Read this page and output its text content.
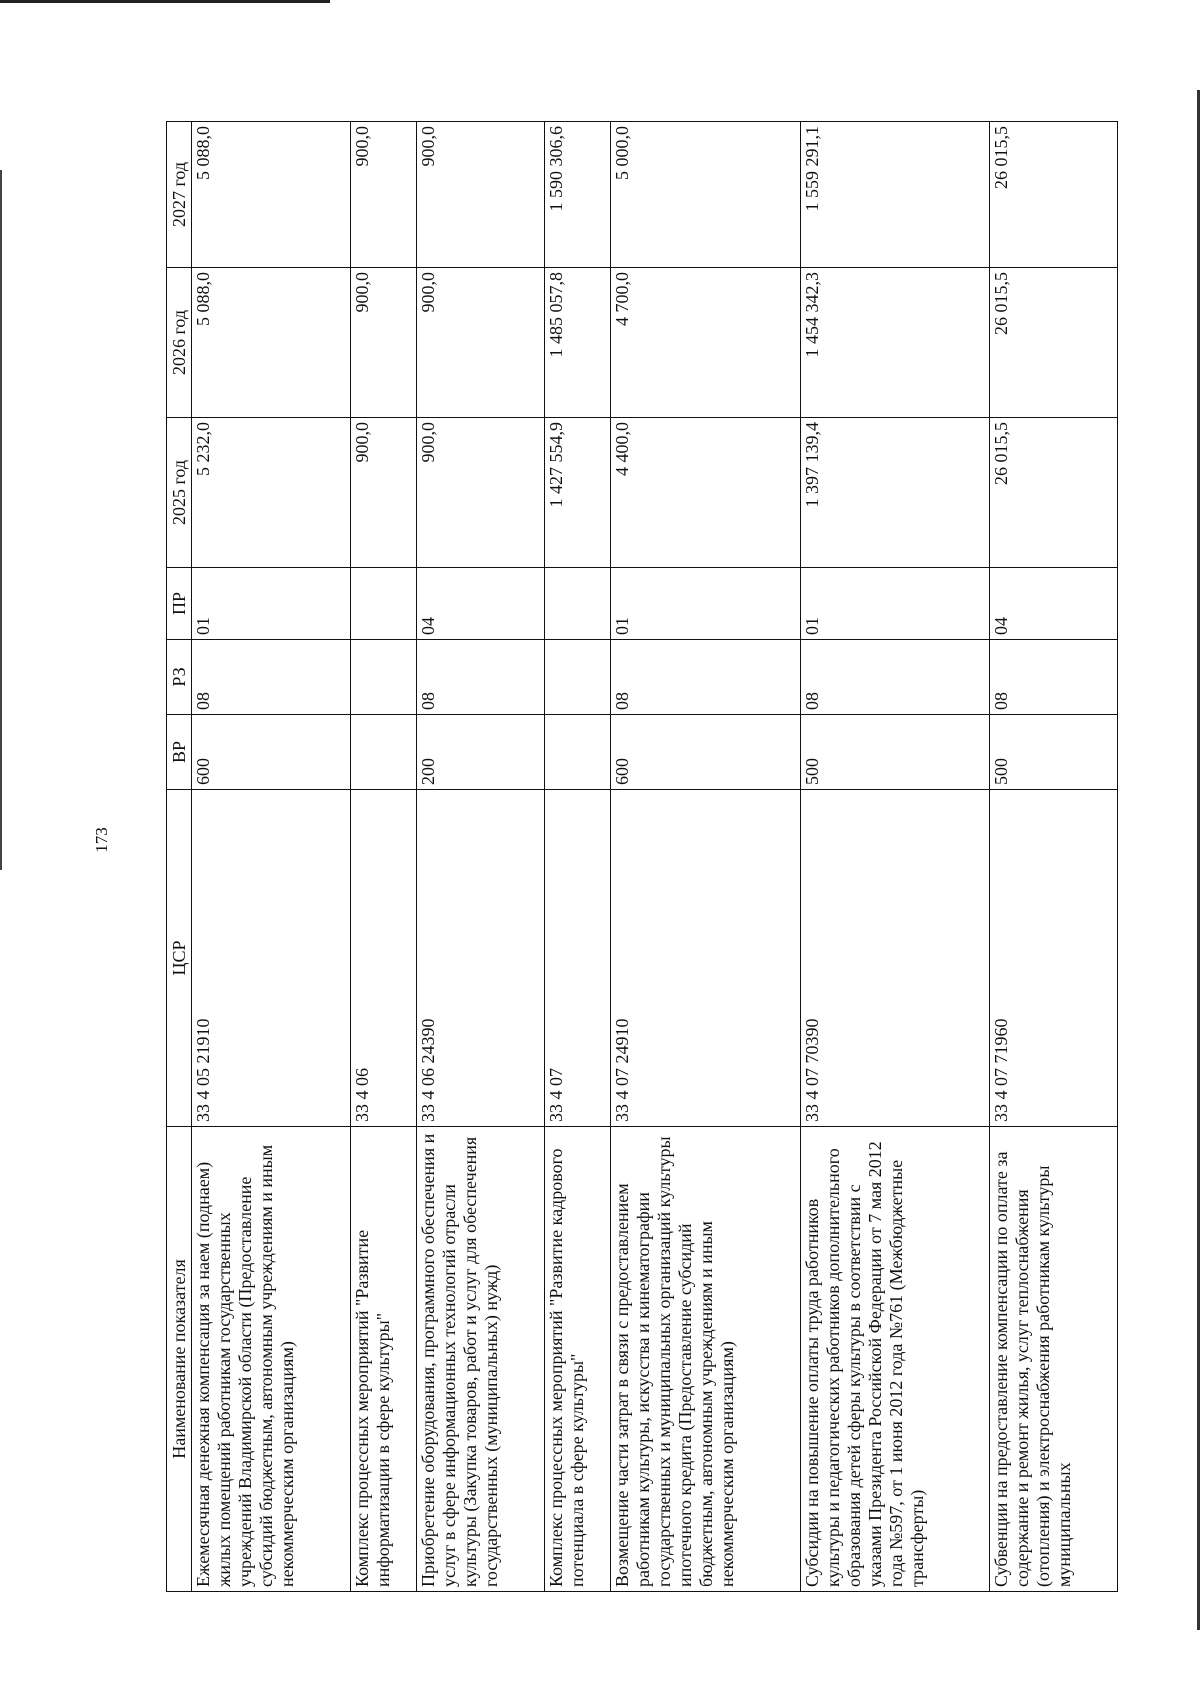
173
Наименование показателя	ЦСР	ВР	РЗ	ПР	2025 год	2026 год	2027 год
Ежемесячная денежная компенсация за наем (поднаем) жилых помещений работникам государственных учреждений Владимирской области (Предоставление субсидий бюджетным, автономным учреждениям и иным некоммерческим организациям)	33 4 05 21910	600	08	01	5 232,0	5 088,0	5 088,0
Комплекс процессных мероприятий "Развитие информатизации в сфере культуры"	33 4 06				900,0	900,0	900,0
Приобретение оборудования, программного обеспечения и услуг в сфере информационных технологий отрасли культуры (Закупка товаров, работ и услуг для обеспечения государственных (муниципальных) нужд)	33 4 06 24390	200	08	04	900,0	900,0	900,0
Комплекс процессных мероприятий "Развитие кадрового потенциала в сфере культуры"	33 4 07				1 427 554,9	1 485 057,8	1 590 306,6
Возмещение части затрат в связи с предоставлением работникам культуры, искусства и кинематографии государственных и муниципальных организаций культуры ипотечного кредита (Предоставление субсидий бюджетным, автономным учреждениям и иным некоммерческим организациям)	33 4 07 24910	600	08	01	4 400,0	4 700,0	5 000,0
Субсидии на повышение оплаты труда работников культуры и педагогических работников дополнительного образования детей сферы культуры в соответствии с указами Президента Российской Федерации от 7 мая 2012 года №597, от 1 июня 2012 года №761 (Межбюджетные трансферты)	33 4 07 70390	500	08	01	1 397 139,4	1 454 342,3	1 559 291,1
Субвенции на предоставление компенсации по оплате за содержание и ремонт жилья, услуг теплоснабжения (отопления) и электроснабжения работникам культуры муниципальных	33 4 07 71960	500	08	04	26 015,5	26 015,5	26 015,5
